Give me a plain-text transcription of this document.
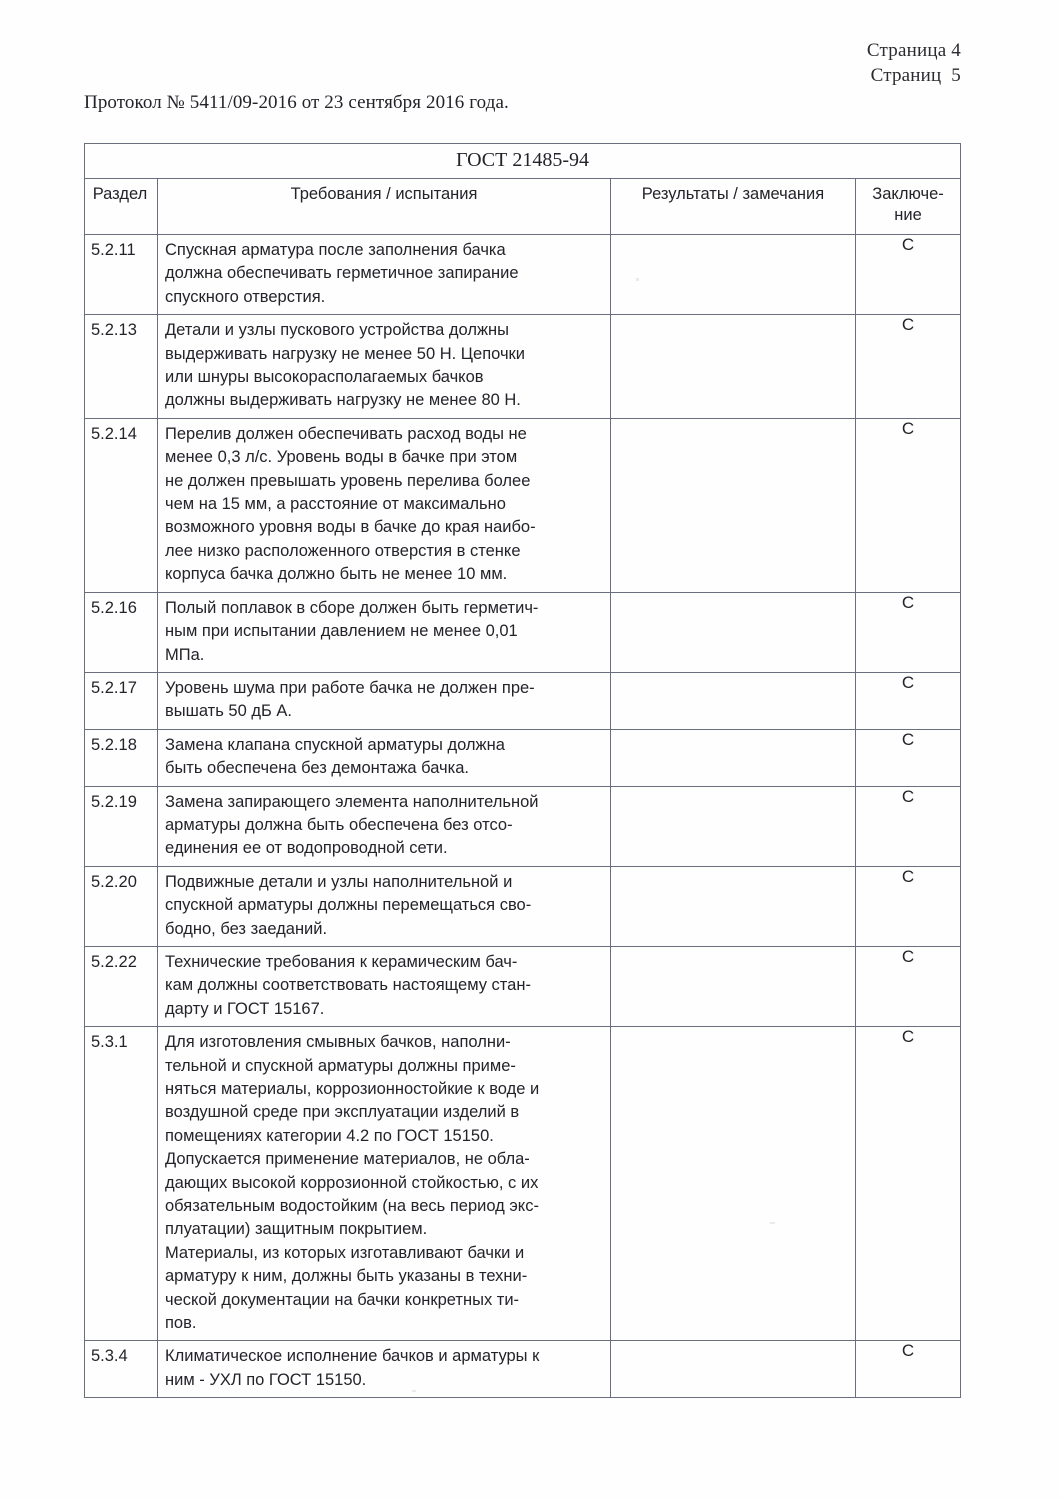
Страница 4
Страниц  5
Протокол № 5411/09-2016 от 23 сентября 2016 года.
ГОСТ 21485-94			
Раздел	Требования / испытания	Результаты / замечания	Заключе-
ние
5.2.11	Спускная арматура после заполнения бачка
должна обеспечивать герметичное запирание
спускного отверстия.		С
5.2.13	Детали и узлы пускового устройства должны
выдерживать нагрузку не менее 50 Н. Цепочки
или шнуры высокорасполагаемых бачков
должны выдерживать нагрузку не менее 80 Н.		С
5.2.14	Перелив должен обеспечивать расход воды не
менее 0,3 л/с. Уровень воды в бачке при этом
не должен превышать уровень перелива более
чем на 15 мм, а расстояние от максимально
возможного уровня воды в бачке до края наибо-
лее низко расположенного отверстия в стенке
корпуса бачка должно быть не менее 10 мм.
		С
5.2.16	Полый поплавок в сборе должен быть герметич-
ным при испытании давлением не менее 0,01
МПа.		С
5.2.17	Уровень шума при работе бачка не должен пре-
вышать 50 дБ А.		С
5.2.18	Замена клапана спускной арматуры должна
быть обеспечена без демонтажа бачка.		С
5.2.19	Замена запирающего элемента наполнительной
арматуры должна быть обеспечена без отсо-
единения ее от водопроводной сети.		С
5.2.20	Подвижные детали и узлы наполнительной и
спускной арматуры должны перемещаться сво-
бодно, без заеданий.		С
5.2.22	Технические требования к керамическим бач-
кам должны соответствовать настоящему стан-
дарту и ГОСТ 15167.		С
5.3.1	Для изготовления смывных бачков, наполни-
тельной и спускной арматуры должны приме-
няться материалы, коррозионностойкие к воде и
воздушной среде при эксплуатации изделий в
помещениях категории 4.2 по ГОСТ 15150.
Допускается применение материалов, не обла-
дающих высокой коррозионной стойкостью, с их
обязательным водостойким (на весь период экс-
плуатации) защитным покрытием.
Материалы, из которых изготавливают бачки и
арматуру к ним, должны быть указаны в техни-
ческой документации на бачки конкретных ти-
пов.
		С
5.3.4	Климатическое исполнение бачков и арматуры к
ним - УХЛ по ГОСТ 15150.		С
